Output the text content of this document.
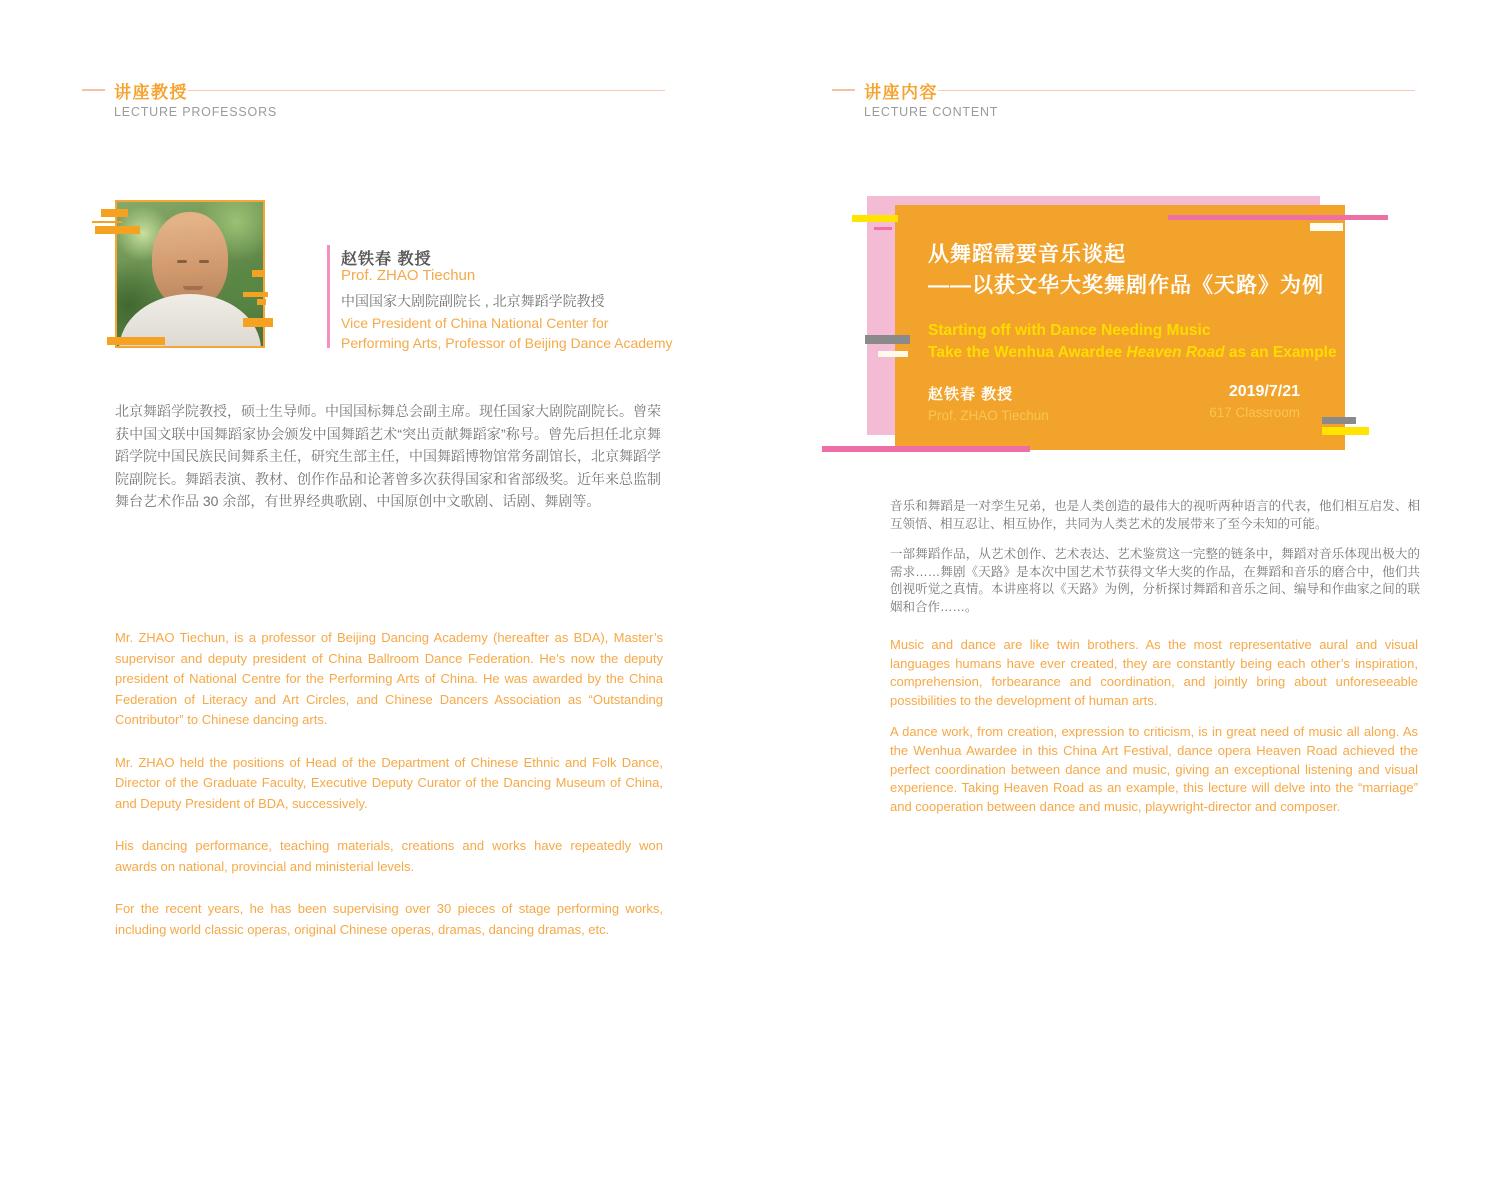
讲座教授
LECTURE PROFESSORS
赵铁春 教授
Prof. ZHAO Tiechun
中国国家大剧院副院长 , 北京舞蹈学院教授
Vice President of China National Center for
Performing Arts, Professor of Beijing Dance Academy
北京舞蹈学院教授，硕士生导师。中国国标舞总会副主席。现任国家大剧院副院长。曾荣获中国文联中国舞蹈家协会颁发中国舞蹈艺术“突出贡献舞蹈家”称号。曾先后担任北京舞蹈学院中国民族民间舞系主任，研究生部主任，中国舞蹈博物馆常务副馆长，北京舞蹈学院副院长。舞蹈表演、教材、创作作品和论著曾多次获得国家和省部级奖。近年来总监制舞台艺术作品 30 余部，有世界经典歌剧、中国原创中文歌剧、话剧、舞剧等。

Mr. ZHAO Tiechun, is a professor of Beijing Dancing Academy (hereafter as BDA), Master’s supervisor and deputy president of China Ballroom Dance Federation. He’s now the deputy president of National Centre for the Performing Arts of China. He was awarded by the China Federation of Literacy and Art Circles, and Chinese Dancers Association as “Outstanding Contributor” to Chinese dancing arts.

Mr. ZHAO held the positions of Head of the Department of Chinese Ethnic and Folk Dance, Director of the Graduate Faculty, Executive Deputy Curator of the Dancing Museum of China, and Deputy President of BDA, successively.

His dancing performance, teaching materials, creations and works have repeatedly won awards on national, provincial and ministerial levels.

For the recent years, he has been supervising over 30 pieces of stage performing works, including world classic operas, original Chinese operas, dramas, dancing dramas, etc.

讲座内容
LECTURE CONTENT
从舞蹈需要音乐谈起
——以获文华大奖舞剧作品《天路》为例
Starting off with Dance Needing Music
Take the Wenhua Awardee Heaven Road as an Example
赵铁春 教授
Prof. ZHAO Tiechun
2019/7/21
617 Classroom

音乐和舞蹈是一对孪生兄弟，也是人类创造的最伟大的视听两种语言的代表，他们相互启发、相互领悟、相互忍让、相互协作，共同为人类艺术的发展带来了至今未知的可能。

一部舞蹈作品，从艺术创作、艺术表达、艺术鉴赏这一完整的链条中，舞蹈对音乐体现出极大的需求……舞剧《天路》是本次中国艺术节获得文华大奖的作品，在舞蹈和音乐的磨合中，他们共创视听觉之真情。本讲座将以《天路》为例，分析探讨舞蹈和音乐之间、编导和作曲家之间的联姻和合作……。

Music and dance are like twin brothers. As the most representative aural and visual languages humans have ever created, they are constantly being each other’s inspiration, comprehension, forbearance and coordination, and jointly bring about unforeseeable possibilities to the development of human arts.

A dance work, from creation, expression to criticism, is in great need of music all along. As the Wenhua Awardee in this China Art Festival, dance opera Heaven Road achieved the perfect coordination between dance and music, giving an exceptional listening and visual experience. Taking Heaven Road as an example, this lecture will delve into the “marriage” and cooperation between dance and music, playwright-director and composer.
